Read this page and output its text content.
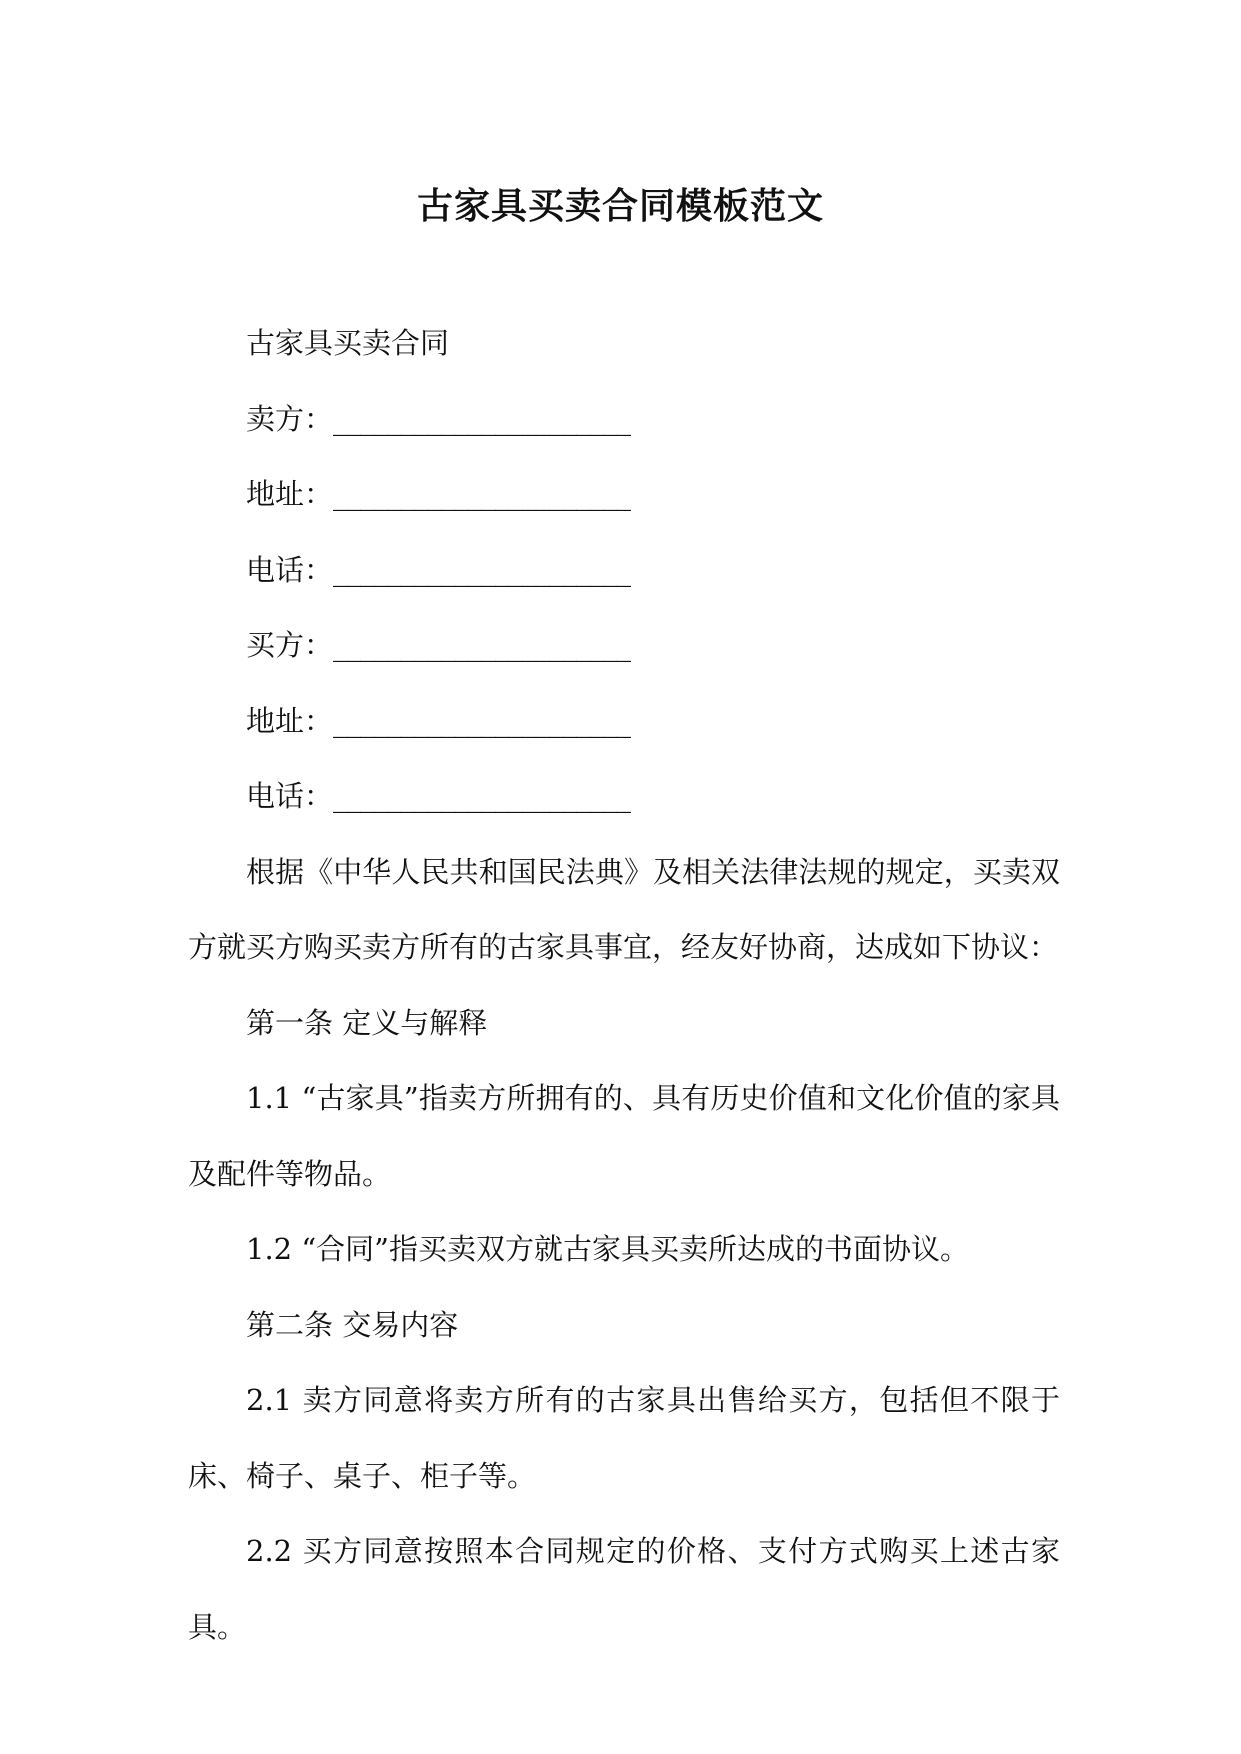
古家具买卖合同模板范文

古家具买卖合同

卖方：______________________

地址：______________________

电话：______________________

买方：______________________

地址：______________________

电话：______________________

根据《中华人民共和国民法典》及相关法律法规的规定，买卖双方就买方购买卖方所有的古家具事宜，经友好协商，达成如下协议：

第一条 定义与解释

1.1 “古家具”指卖方所拥有的、具有历史价值和文化价值的家具及配件等物品。

1.2 “合同”指买卖双方就古家具买卖所达成的书面协议。

第二条 交易内容

2.1 卖方同意将卖方所有的古家具出售给买方，包括但不限于床、椅子、桌子、柜子等。

2.2 买方同意按照本合同规定的价格、支付方式购买上述古家具。
